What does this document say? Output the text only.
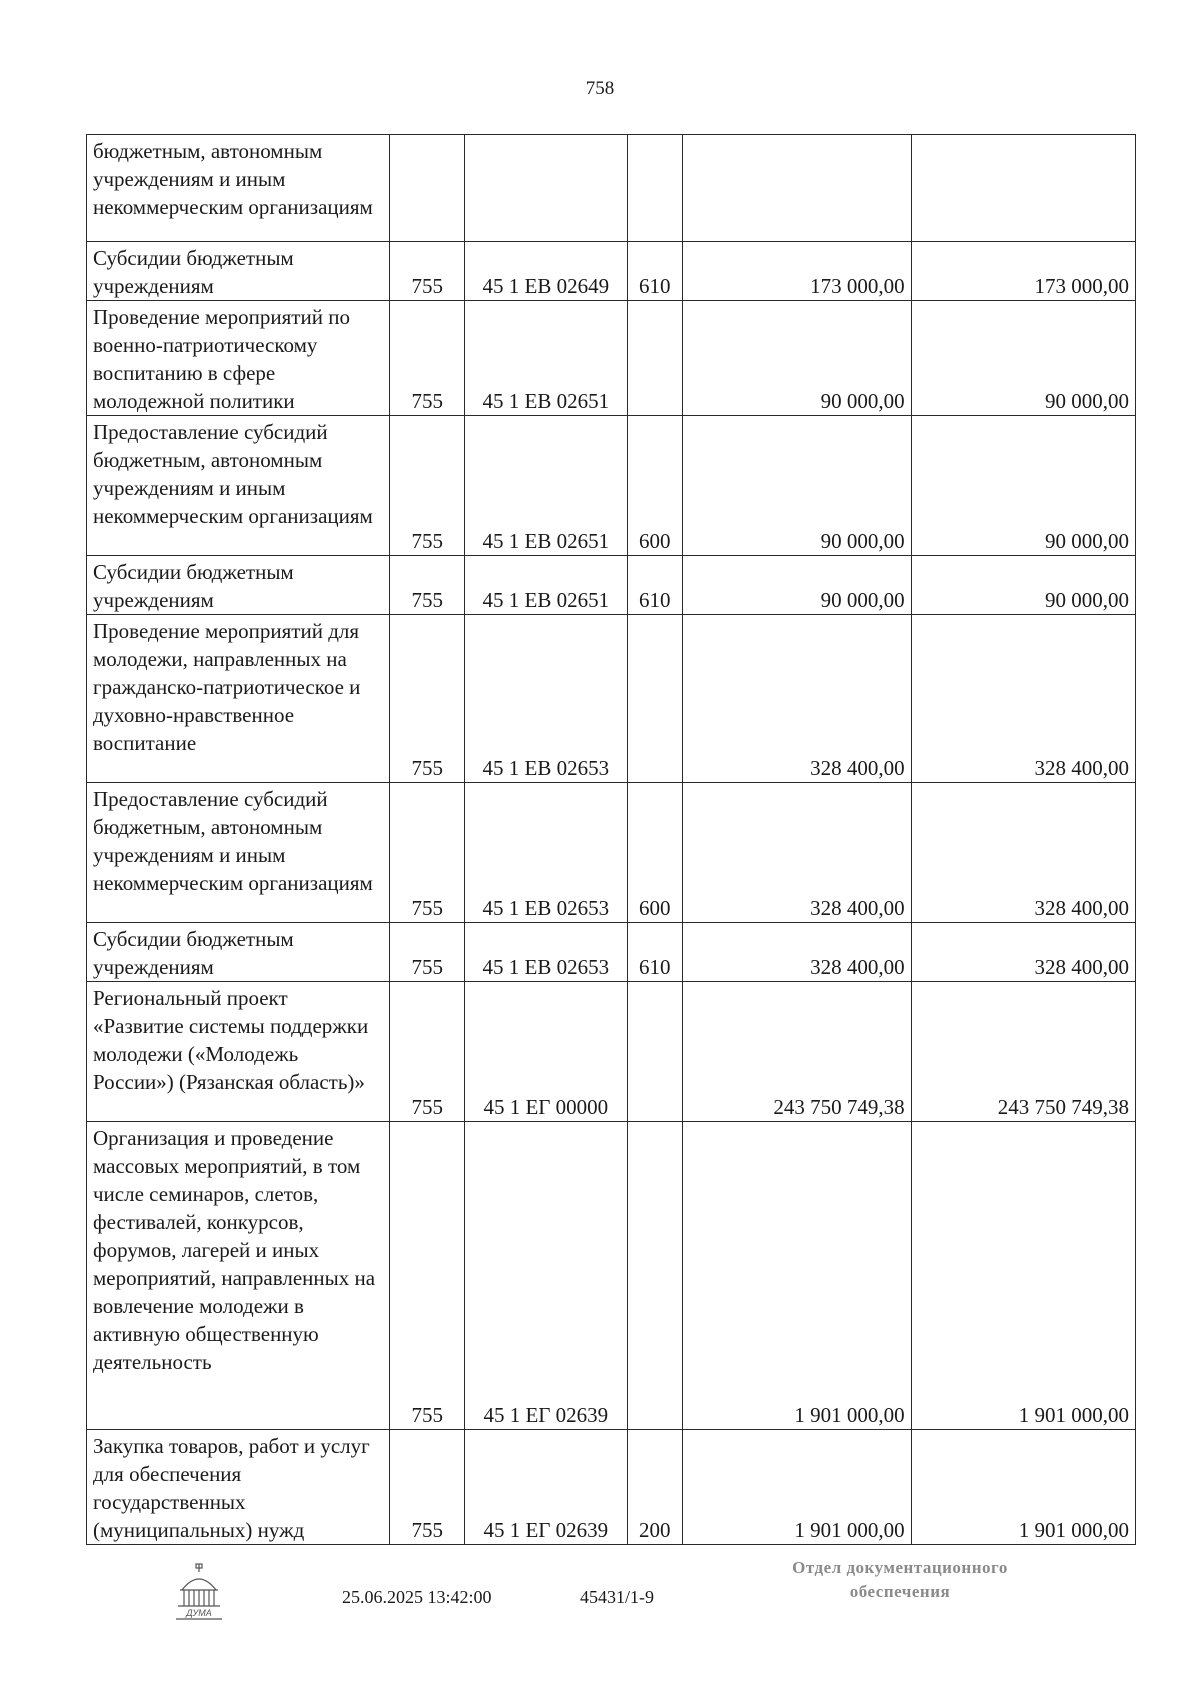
758
бюджетным, автономным учреждениям и иным некоммерческим организациям					
Субсидии бюджетным учреждениям	755	45 1 ЕВ 02649	610	173 000,00	173 000,00
Проведение мероприятий по военно-патриотическому воспитанию в сфере молодежной политики	755	45 1 ЕВ 02651		90 000,00	90 000,00
Предоставление субсидий бюджетным, автономным учреждениям и иным некоммерческим организациям	755	45 1 ЕВ 02651	600	90 000,00	90 000,00
Субсидии бюджетным учреждениям	755	45 1 ЕВ 02651	610	90 000,00	90 000,00
Проведение мероприятий для молодежи, направленных на гражданско-патриотическое и духовно-нравственное воспитание	755	45 1 ЕВ 02653		328 400,00	328 400,00
Предоставление субсидий бюджетным, автономным учреждениям и иным некоммерческим организациям	755	45 1 ЕВ 02653	600	328 400,00	328 400,00
Субсидии бюджетным учреждениям	755	45 1 ЕВ 02653	610	328 400,00	328 400,00
Региональный проект «Развитие системы поддержки молодежи («Молодежь России») (Рязанская область)»	755	45 1 ЕГ 00000		243 750 749,38	243 750 749,38
Организация и проведение массовых мероприятий, в том числе семинаров, слетов, фестивалей, конкурсов, форумов, лагерей и иных мероприятий, направленных на вовлечение молодежи в активную общественную деятельность	755	45 1 ЕГ 02639		1 901 000,00	1 901 000,00
Закупка товаров, работ и услуг для обеспечения государственных (муниципальных) нужд	755	45 1 ЕГ 02639	200	1 901 000,00	1 901 000,00
ДУМА
25.06.2025 13:42:00	45431/1-9
Отдел документационного
обеспечения
